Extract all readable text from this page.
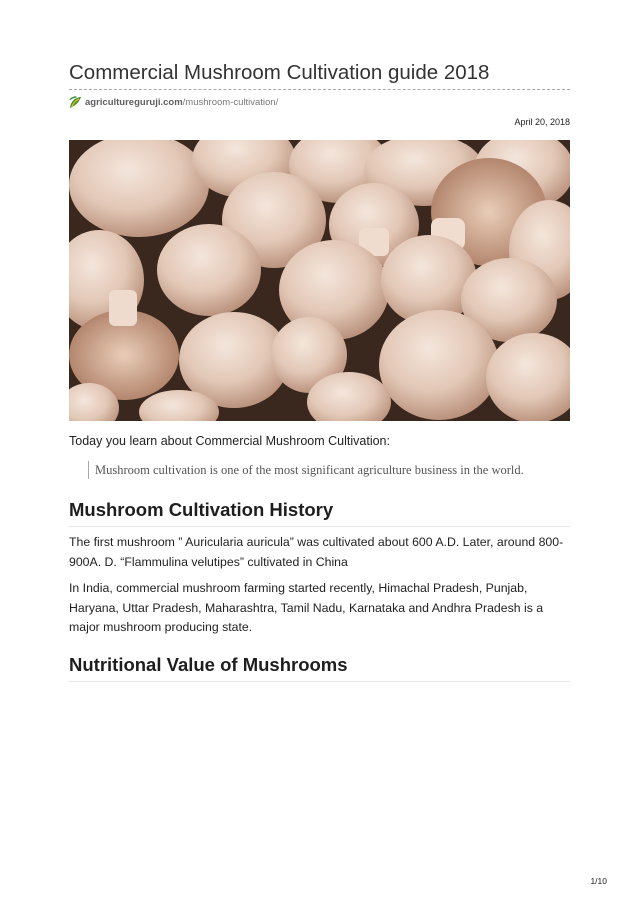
Commercial Mushroom Cultivation guide 2018
agricultureguruji.com /mushroom-cultivation/
April 20, 2018
Today you learn about Commercial Mushroom Cultivation:
Mushroom cultivation is one of the most significant agriculture business in the world.
Mushroom Cultivation History

The first mushroom ” Auricularia auricula” was cultivated about 600 A.D. Later, around 800-900A. D. “Flammulina velutipes” cultivated in China

In India, commercial mushroom farming started recently, Himachal Pradesh, Punjab, Haryana, Uttar Pradesh, Maharashtra, Tamil Nadu, Karnataka and Andhra Pradesh is a major mushroom producing state.

Nutritional Value of Mushrooms
1/10
